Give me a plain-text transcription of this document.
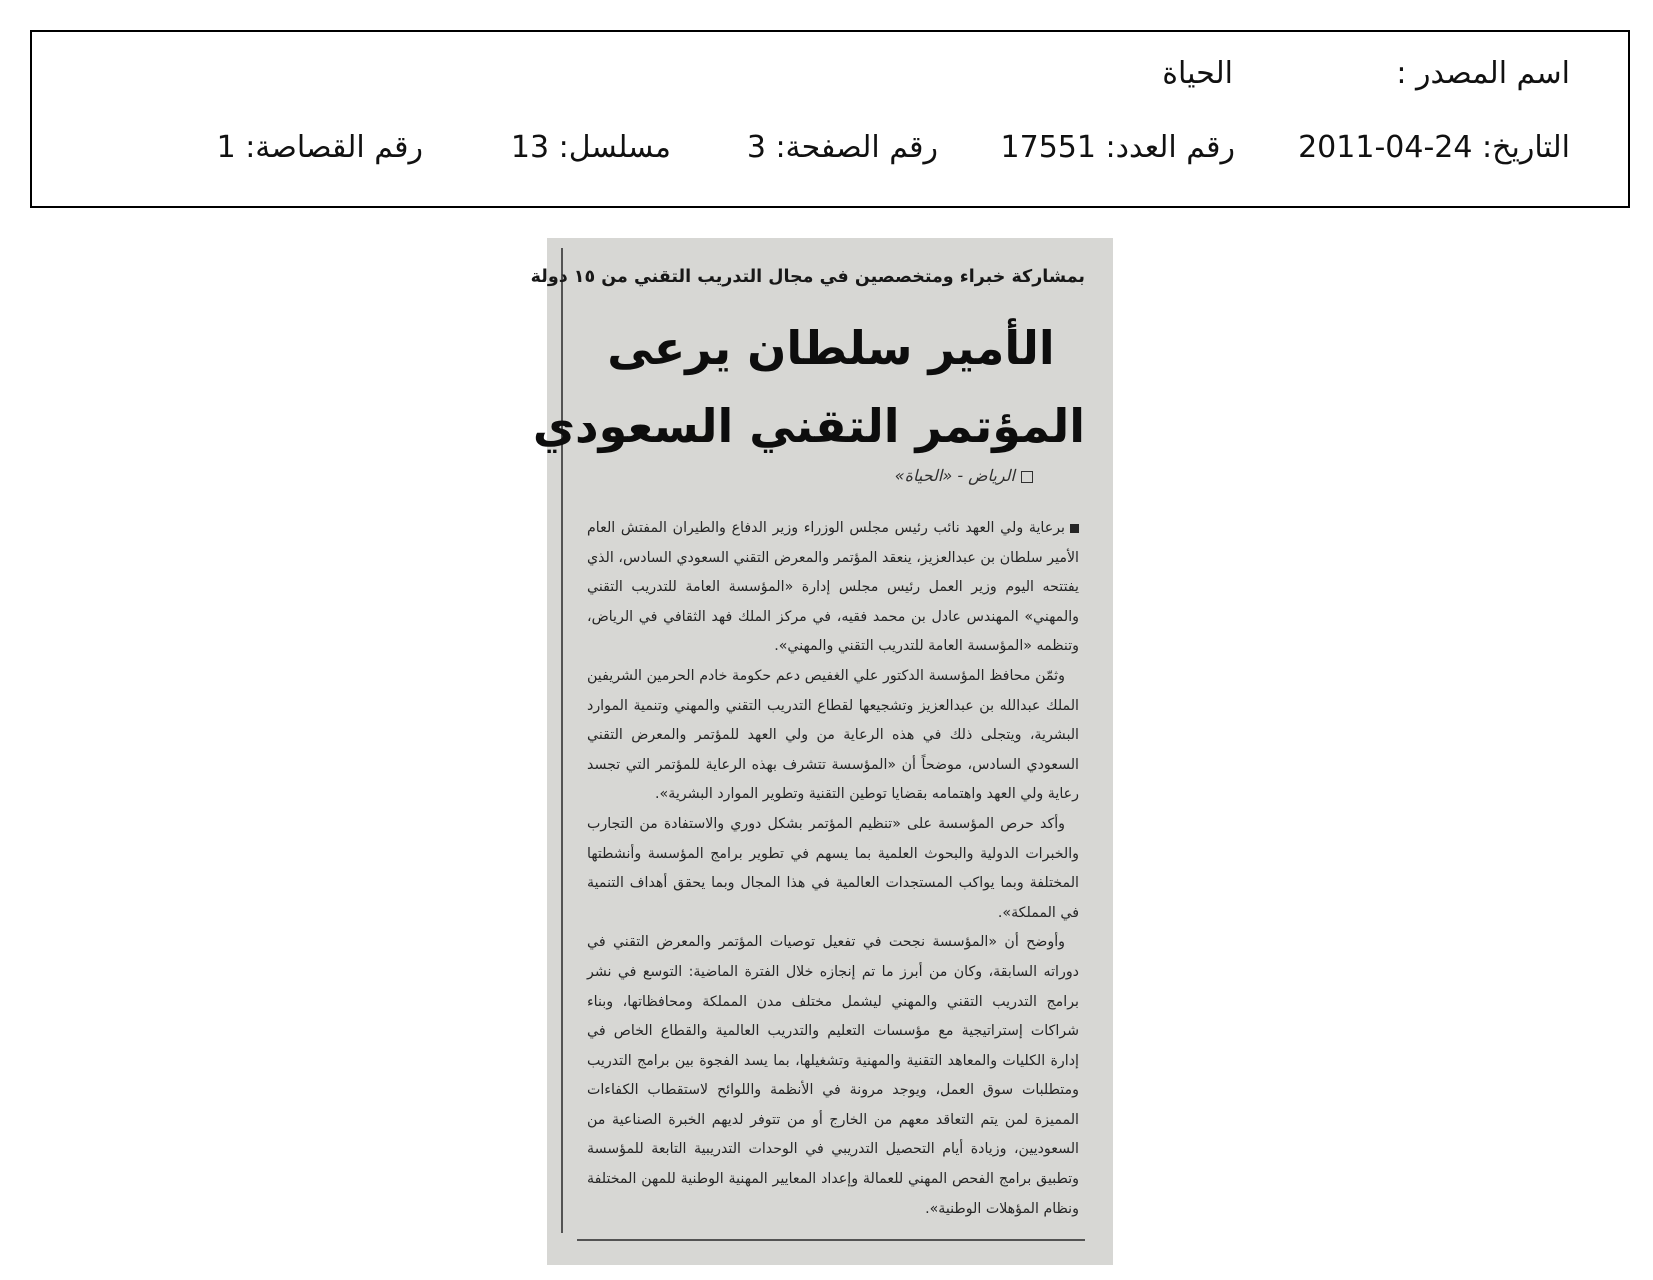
اسم المصدر :
الحياة
التاريخ: 24-04-2011
رقم العدد: 17551
رقم الصفحة: 3
مسلسل: 13
رقم القصاصة: 1
بمشاركة خبراء ومتخصصين في مجال التدريب التقني من ١٥ دولة
الأمير سلطان يرعى
المؤتمر التقني السعودي
الرياض - «الحياة»

برعاية ولي العهد نائب رئيس مجلس الوزراء وزير الدفاع والطيران المفتش العام الأمير سلطان بن عبدالعزيز، ينعقد المؤتمر والمعرض التقني السعودي السادس، الذي يفتتحه اليوم وزير العمل رئيس مجلس إدارة «المؤسسة العامة للتدريب التقني والمهني» المهندس عادل بن محمد فقيه، في مركز الملك فهد الثقافي في الرياض، وتنظمه «المؤسسة العامة للتدريب التقني والمهني».

وثمّن محافظ المؤسسة الدكتور علي الغفيص دعم حكومة خادم الحرمين الشريفين الملك عبدالله بن عبدالعزيز وتشجيعها لقطاع التدريب التقني والمهني وتنمية الموارد البشرية، ويتجلى ذلك في هذه الرعاية من ولي العهد للمؤتمر والمعرض التقني السعودي السادس، موضحاً أن «المؤسسة تتشرف بهذه الرعاية للمؤتمر التي تجسد رعاية ولي العهد واهتمامه بقضايا توطين التقنية وتطوير الموارد البشرية».

وأكد حرص المؤسسة على «تنظيم المؤتمر بشكل دوري والاستفادة من التجارب والخبرات الدولية والبحوث العلمية بما يسهم في تطوير برامج المؤسسة وأنشطتها المختلفة وبما يواكب المستجدات العالمية في هذا المجال وبما يحقق أهداف التنمية في المملكة».

وأوضح أن «المؤسسة نجحت في تفعيل توصيات المؤتمر والمعرض التقني في دوراته السابقة، وكان من أبرز ما تم إنجازه خلال الفترة الماضية: التوسع في نشر برامج التدريب التقني والمهني ليشمل مختلف مدن المملكة ومحافظاتها، وبناء شراكات إستراتيجية مع مؤسسات التعليم والتدريب العالمية والقطاع الخاص في إدارة الكليات والمعاهد التقنية والمهنية وتشغيلها، بما يسد الفجوة بين برامج التدريب ومتطلبات سوق العمل، ويوجد مرونة في الأنظمة واللوائح لاستقطاب الكفاءات المميزة لمن يتم التعاقد معهم من الخارج أو من تتوفر لديهم الخبرة الصناعية من السعوديين، وزيادة أيام التحصيل التدريبي في الوحدات التدريبية التابعة للمؤسسة وتطبيق برامج الفحص المهني للعمالة وإعداد المعايير المهنية الوطنية للمهن المختلفة ونظام المؤهلات الوطنية».
